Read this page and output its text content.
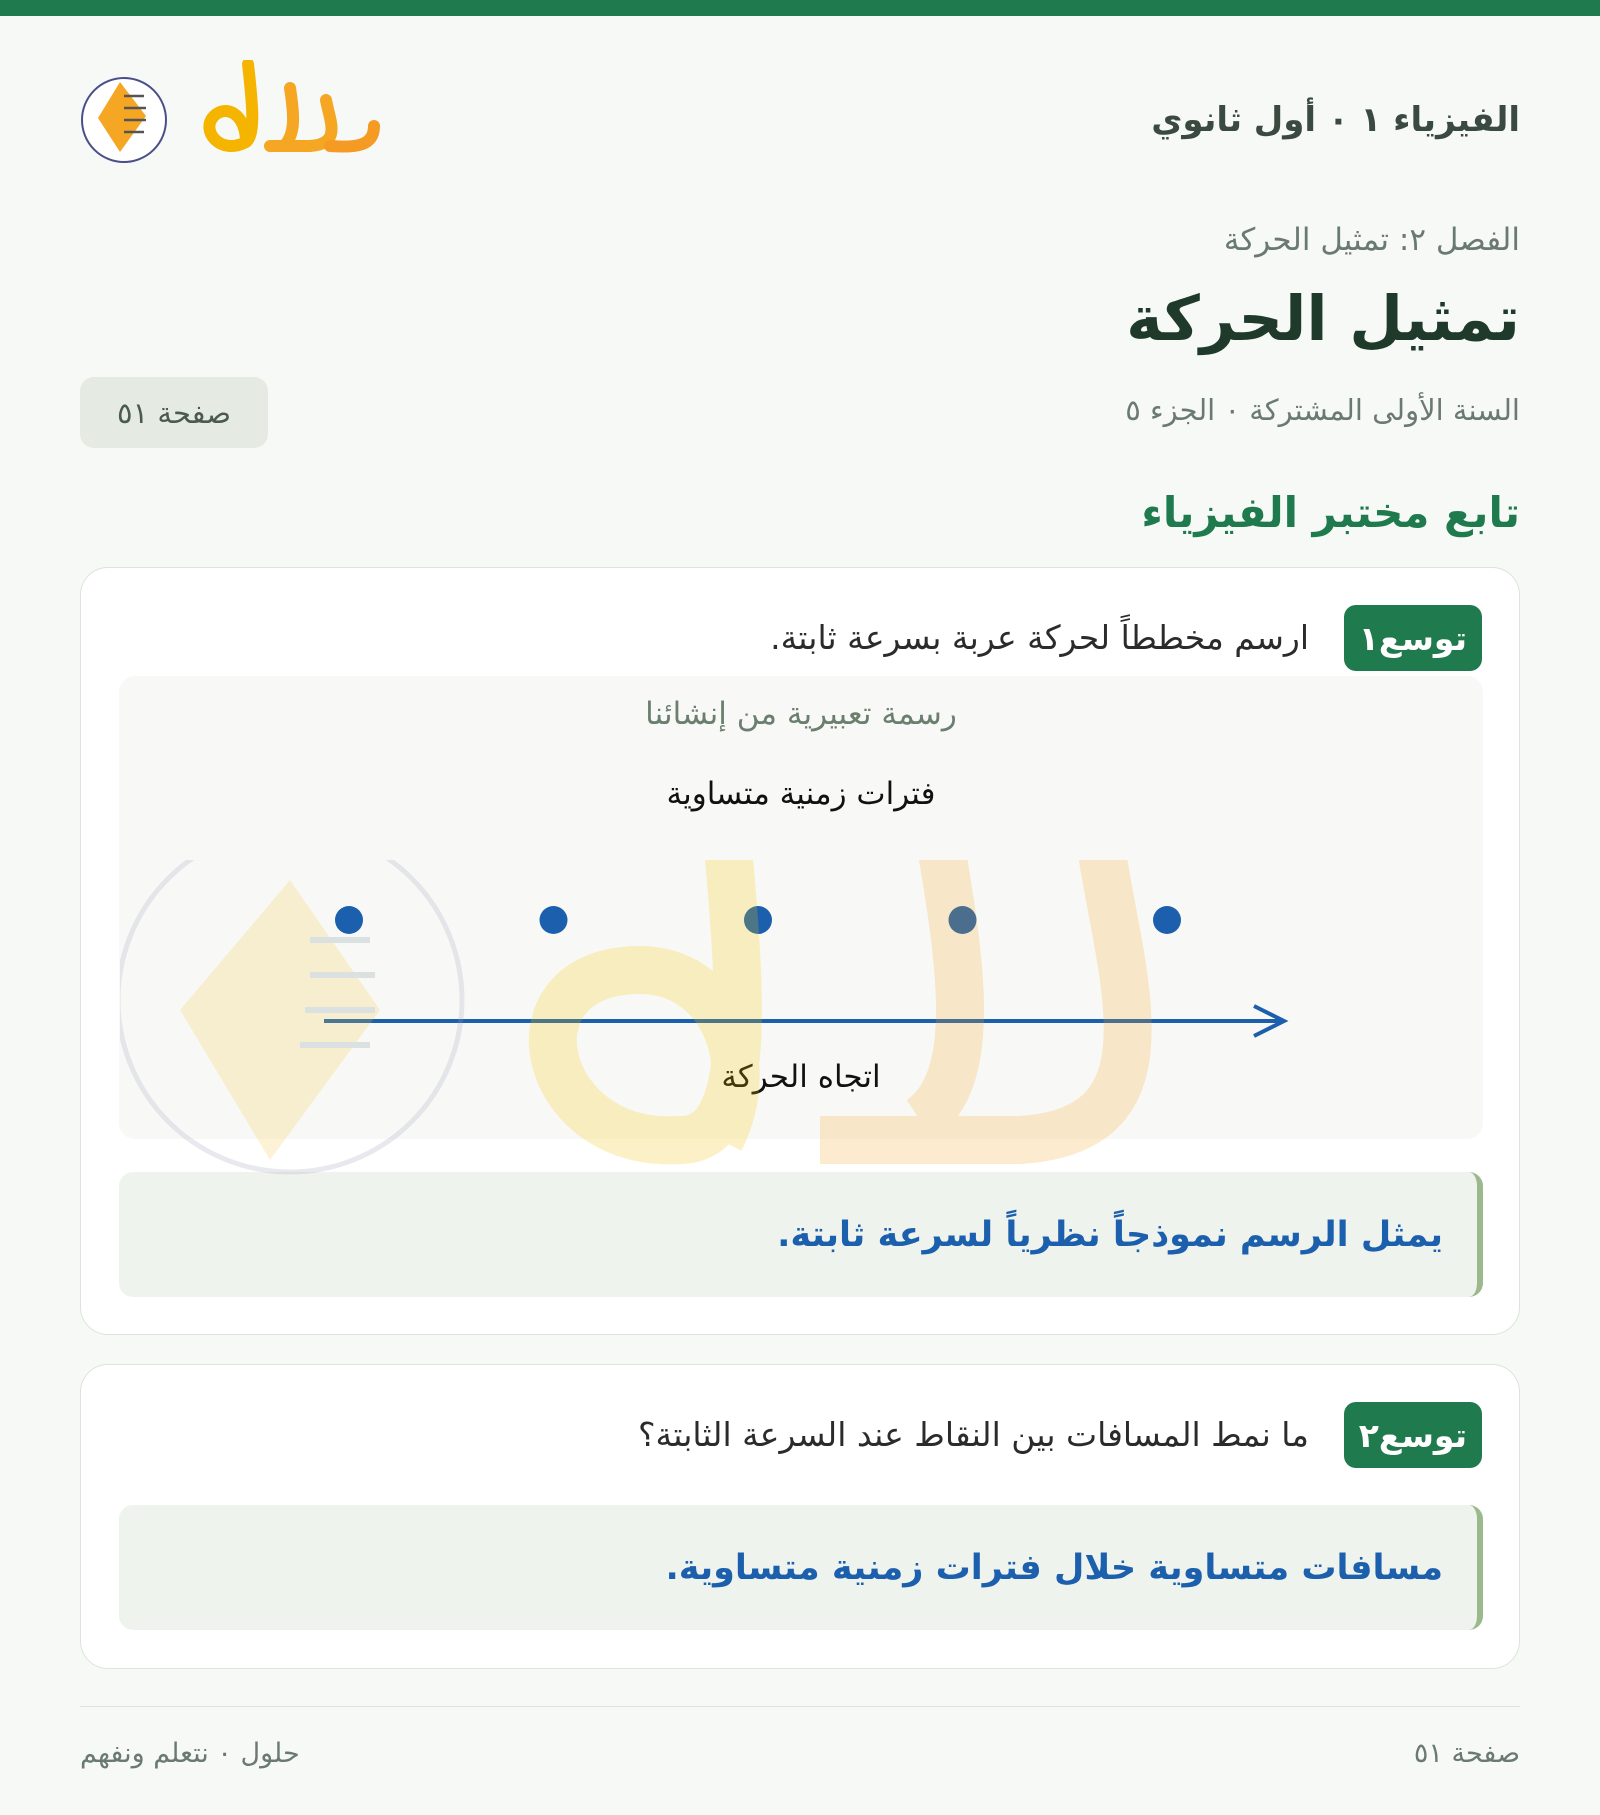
الفيزياء ١ ٠ أول ثانوي
الفصل ٢: تمثيل الحركة
تمثيل الحركة
السنة الأولى المشتركة ٠ الجزء ٥
صفحة ٥١
تابع مختبر الفيزياء
توسع١
ارسم مخططاً لحركة عربة بسرعة ثابتة.
رسمة تعبيرية من إنشائنا
فترات زمنية متساوية
اتجاه الحركة
يمثل الرسم نموذجاً نظرياً لسرعة ثابتة.
توسع٢
ما نمط المسافات بين النقاط عند السرعة الثابتة؟
مسافات متساوية خلال فترات زمنية متساوية.
صفحة ٥١
حلول ٠ نتعلم ونفهم
